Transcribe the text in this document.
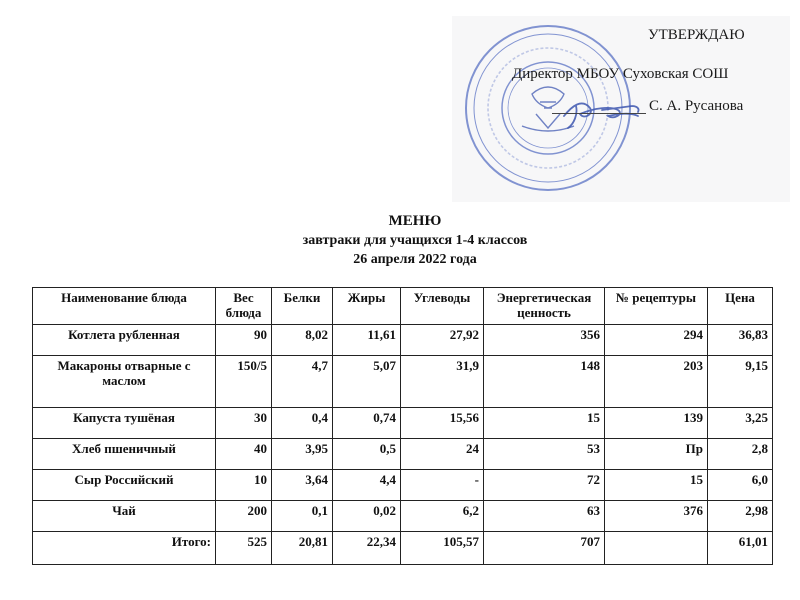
УТВЕРЖДАЮ
Директор МБОУ Суховская СОШ
С. А. Русанова
МЕНЮ
завтраки для учащихся 1-4 классов
26 апреля 2022 года
Наименование блюда	Вес блюда	Белки	Жиры	Углеводы	Энергетическая ценность	№ рецептуры	Цена
Котлета рубленная	90	8,02	11,61	27,92	356	294	36,83
Макароны отварные с маслом	150/5	4,7	5,07	31,9	148	203	9,15
Капуста тушёная	30	0,4	0,74	15,56	15	139	3,25
Хлеб пшеничный	40	3,95	0,5	24	53	Пр	2,8
Сыр Российский	10	3,64	4,4	-	72	15	6,0
Чай	200	0,1	0,02	6,2	63	376	2,98
Итого:	525	20,81	22,34	105,57	707		61,01
